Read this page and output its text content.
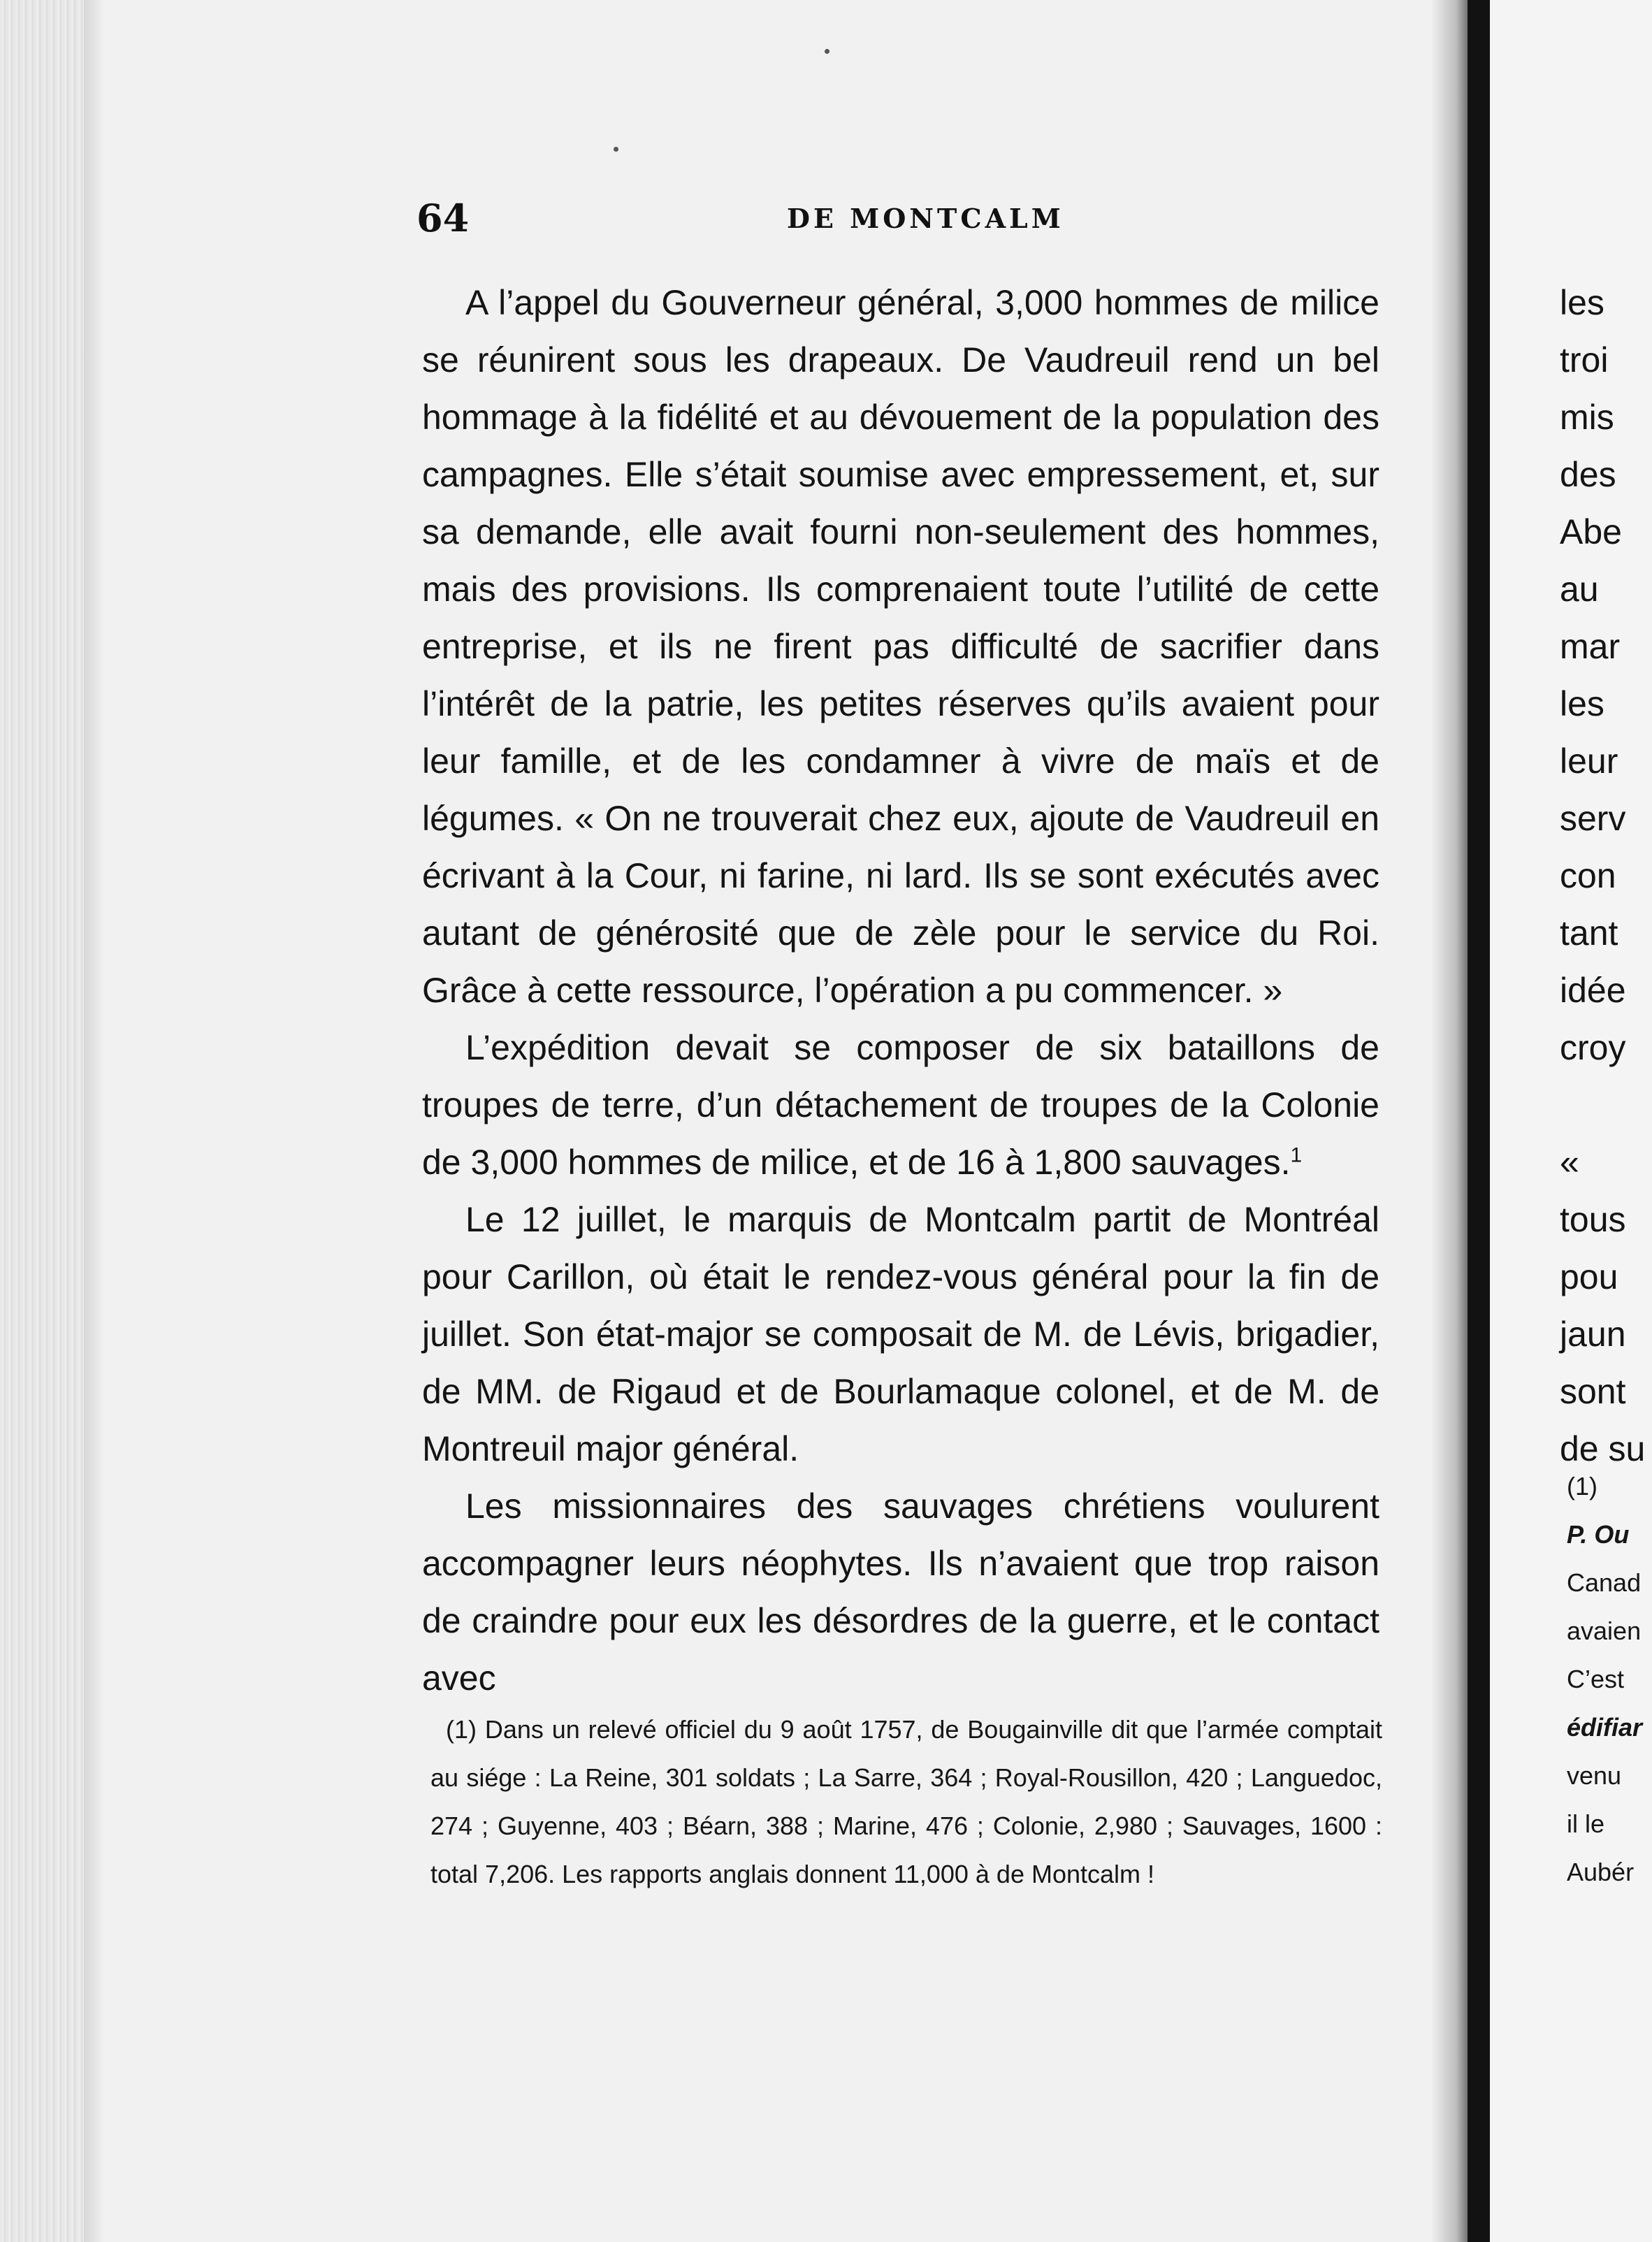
64	DE MONTCALM

A l’appel du Gouverneur général, 3,000 hommes de milice se réunirent sous les drapeaux. De Vaudreuil rend un bel hommage à la fidélité et au dévouement de la population des campagnes. Elle s’était soumise avec empressement, et, sur sa demande, elle avait fourni non-seulement des hommes, mais des provisions. Ils comprenaient toute l’utilité de cette entreprise, et ils ne firent pas difficulté de sacrifier dans l’intérêt de la patrie, les petites réserves qu’ils avaient pour leur famille, et de les condamner à vivre de maïs et de légumes. « On ne trouverait chez eux, ajoute de Vaudreuil en écrivant à la Cour, ni farine, ni lard. Ils se sont exécutés avec autant de générosité que de zèle pour le service du Roi. Grâce à cette ressource, l’opération a pu commencer. »

L’expédition devait se composer de six bataillons de troupes de terre, d’un détachement de troupes de la Colonie de 3,000 hommes de milice, et de 16 à 1,800 sauvages.$^1$

Le 12 juillet, le marquis de Montcalm partit de Montréal pour Carillon, où était le rendez-vous général pour la fin de juillet. Son état-major se composait de M. de Lévis, brigadier, de MM. de Rigaud et de Bourlamaque colonel, et de M. de Montreuil major général.

Les missionnaires des sauvages chrétiens voulurent accompagner leurs néophytes. Ils n’avaient que trop raison de craindre pour eux les désordres de la guerre, et le contact avec

(1) Dans un relevé officiel du 9 août 1757, de Bougainville dit que l’armée comptait au siége : La Reine, 301 soldats ; La Sarre, 364 ; Royal-Rousillon, 420 ; Languedoc, 274 ; Guyenne, 403 ; Béarn, 388 ; Marine, 476 ; Colonie, 2,980 ; Sauvages, 1600 : total 7,206. Les rapports anglais donnent 11,000 à de Montcalm !

les
troi
mis
des
Abe
au
mar
les
leur
serv
con
tant
idée
croy
«
tous
pou
jaun
sont
de su
(1)
P. Ou
Canad
avaien
C’est
édifiar
venu
il le
Aubér
